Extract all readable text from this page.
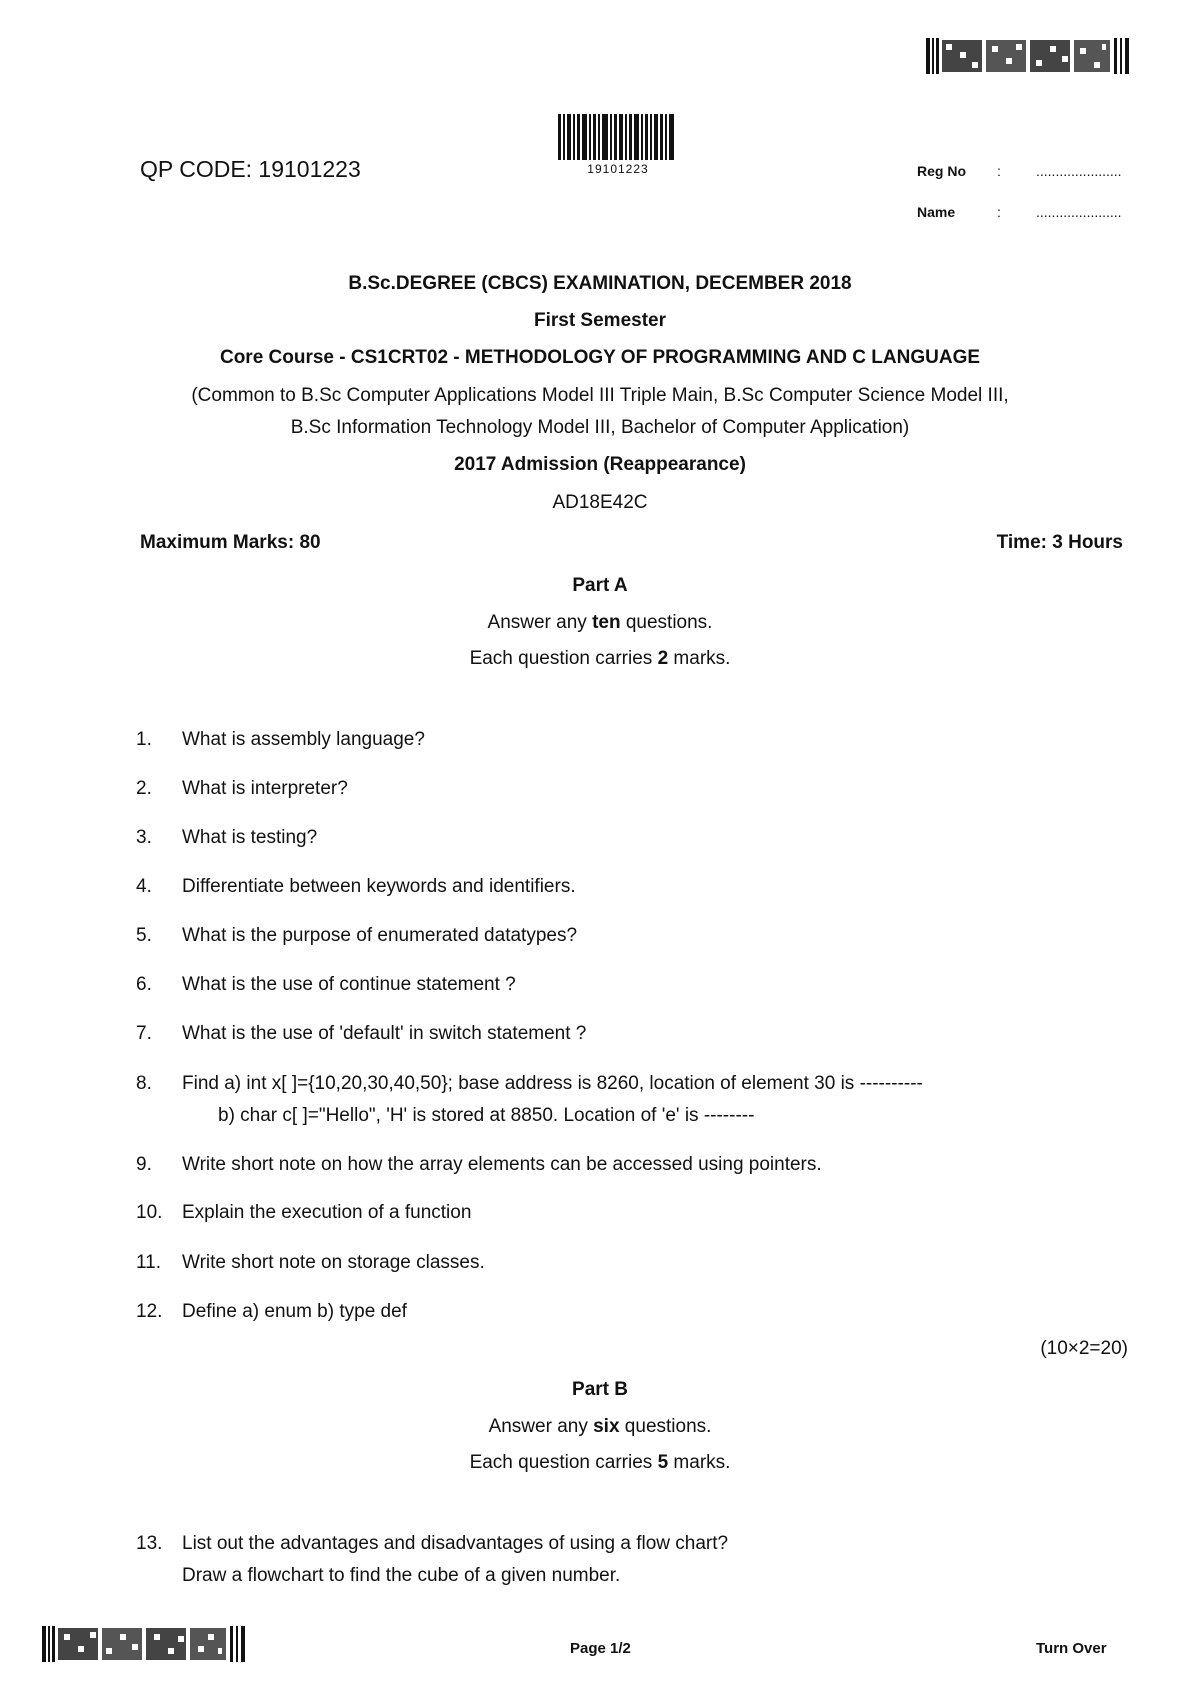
QP CODE: 19101223	19101223	Reg No :	......................
Name	:	......................
B.Sc.DEGREE (CBCS) EXAMINATION, DECEMBER 2018
First Semester
Core Course - CS1CRT02 - METHODOLOGY OF PROGRAMMING AND C LANGUAGE
(Common to B.Sc Computer Applications Model III Triple Main, B.Sc Computer Science Model III,
B.Sc Information Technology Model III, Bachelor of Computer Application)
2017 Admission (Reappearance)
AD18E42C
Maximum Marks: 80	Time: 3 Hours
Part A
Answer any ten questions.
Each question carries 2 marks.
1.	What is assembly language?
2.	What is interpreter?
3.	What is testing?
4.	Differentiate between keywords and identifiers.
5.	What is the purpose of enumerated datatypes?
6.	What is the use of continue statement ?
7.	What is the use of 'default' in switch statement ?
8.	Find a) int x[ ]={10,20,30,40,50}; base address is 8260, location of element 30 is ----------
b) char c[ ]="Hello", 'H' is stored at 8850. Location of 'e' is --------
9.	Write short note on how the array elements can be accessed using pointers.
10.	Explain the execution of a function
11.	Write short note on storage classes.
12.	Define a) enum b) type def
(10×2=20)
Part B
Answer any six questions.
Each question carries 5 marks.
13.	List out the advantages and disadvantages of using a flow chart?
Draw a flowchart to find the cube of a given number.
Page 1/2	Turn Over
